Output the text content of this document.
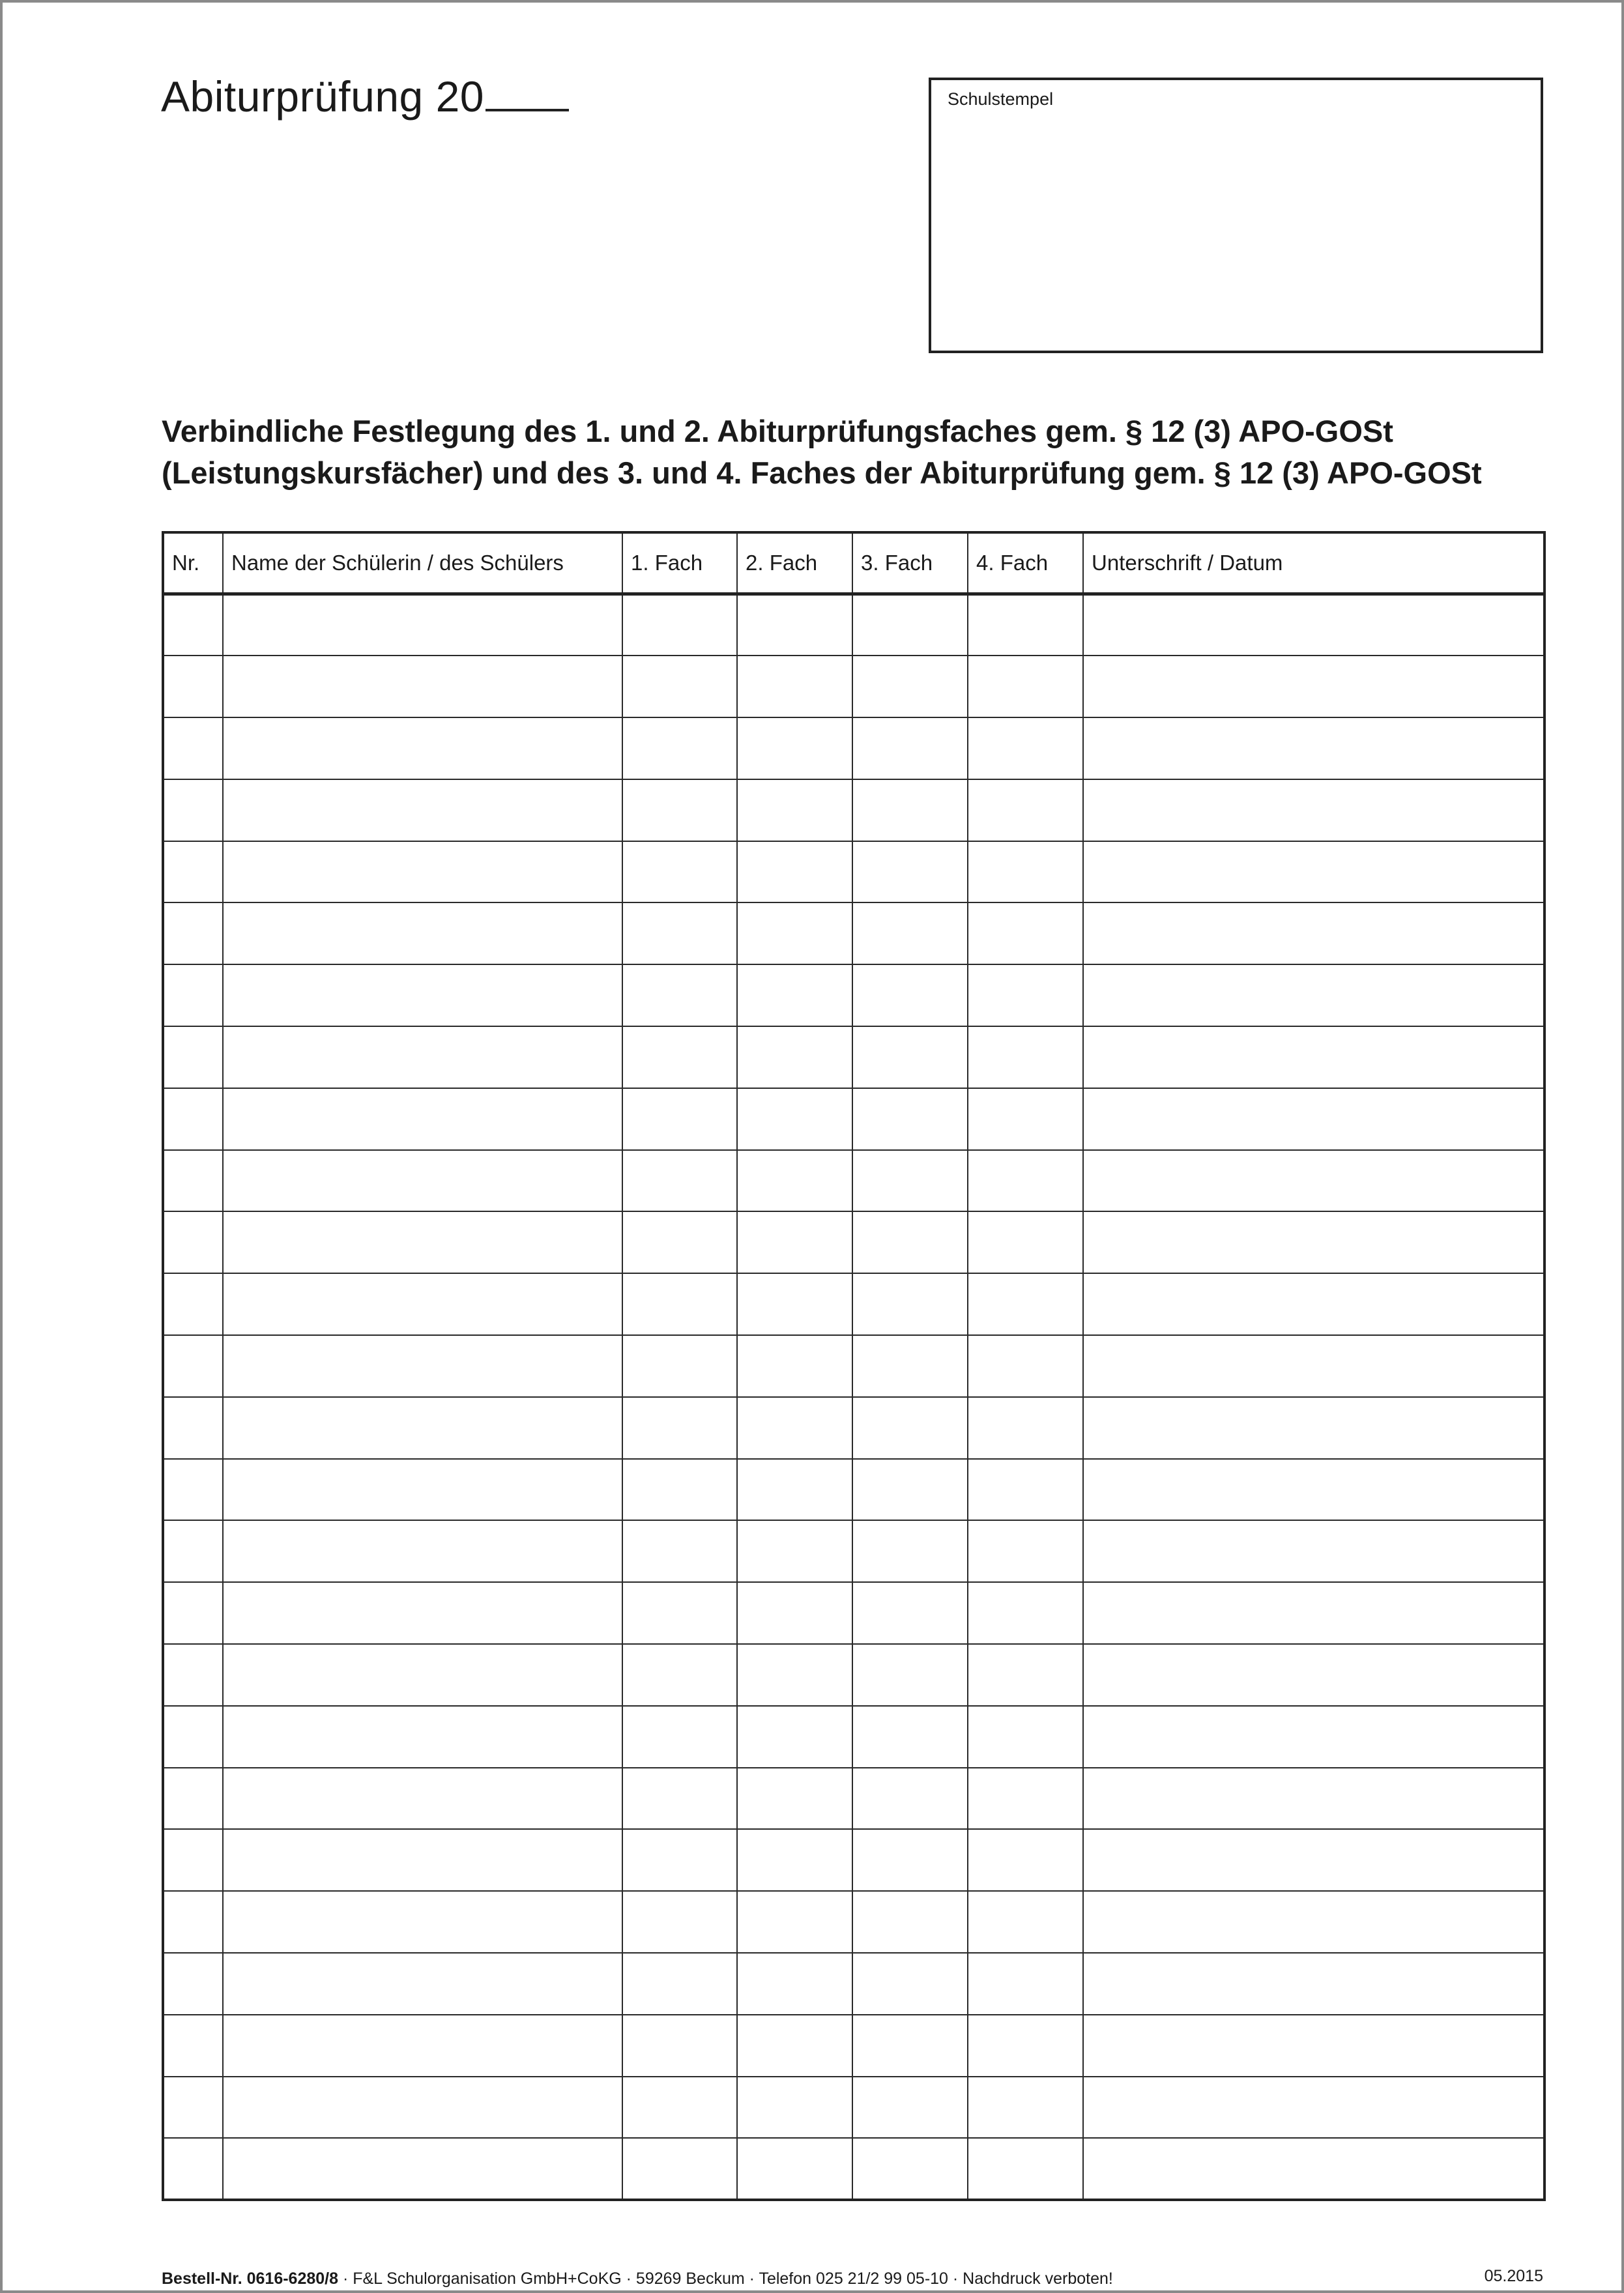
Abiturprüfung 20	Schulstempel
Verbindliche Festlegung des 1. und 2. Abiturprüfungsfaches gem. § 12 (3) APO-GOSt
(Leistungskursfächer) und des 3. und 4. Faches der Abiturprüfung gem. § 12 (3) APO-GOSt
Nr.	Name der Schülerin / des Schülers	1. Fach	2. Fach	3. Fach	4. Fach	Unterschrift / Datum

Bestell-Nr. 0616-6280/8 · F&L Schulorganisation GmbH+CoKG · 59269 Beckum · Telefon 025 21/2 99 05-10 · Nachdruck verboten!	05.2015
